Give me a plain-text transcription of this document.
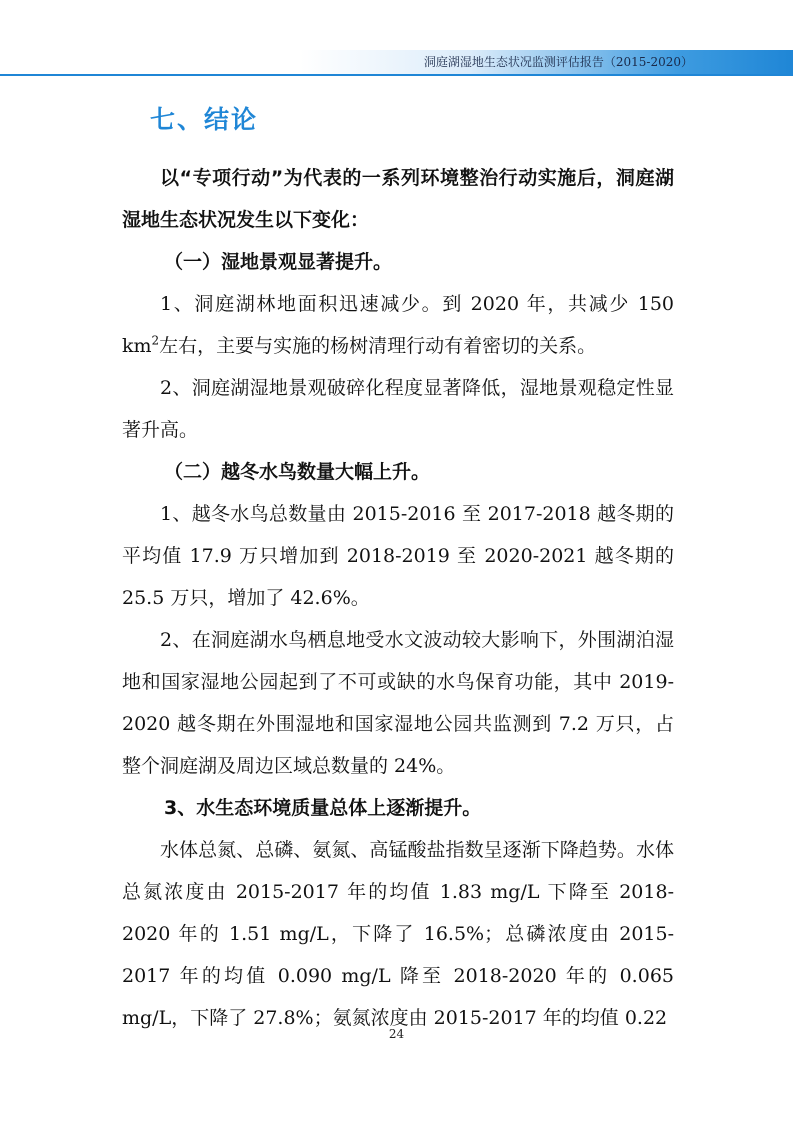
洞庭湖湿地生态状况监测评估报告（2015-2020）
七、结论

以“专项行动”为代表的一系列环境整治行动实施后，洞庭湖湿地生态状况发生以下变化：

（一）湿地景观显著提升。

1、洞庭湖林地面积迅速减少。到 2020 年，共减少 150 $km^2$左右，主要与实施的杨树清理行动有着密切的关系。

2、洞庭湖湿地景观破碎化程度显著降低，湿地景观稳定性显著升高。

（二）越冬水鸟数量大幅上升。

1、越冬水鸟总数量由 2015-2016 至 2017-2018 越冬期的平均值 17.9 万只增加到 2018-2019 至 2020-2021 越冬期的 25.5 万只，增加了 42.6%。

2、在洞庭湖水鸟栖息地受水文波动较大影响下，外围湖泊湿地和国家湿地公园起到了不可或缺的水鸟保育功能，其中 2019-2020 越冬期在外围湿地和国家湿地公园共监测到 7.2 万只，占整个洞庭湖及周边区域总数量的 24%。

3、水生态环境质量总体上逐渐提升。

水体总氮、总磷、氨氮、高锰酸盐指数呈逐渐下降趋势。水体总氮浓度由 2015-2017 年的均值 1.83 mg/L 下降至 2018-2020 年的 1.51 mg/L，下降了 16.5%；总磷浓度由 2015-2017 年的均值 0.090 mg/L 降至 2018-2020 年的 0.065 mg/L，下降了 27.8%；氨氮浓度由 2015-2017 年的均值 0.22

24
